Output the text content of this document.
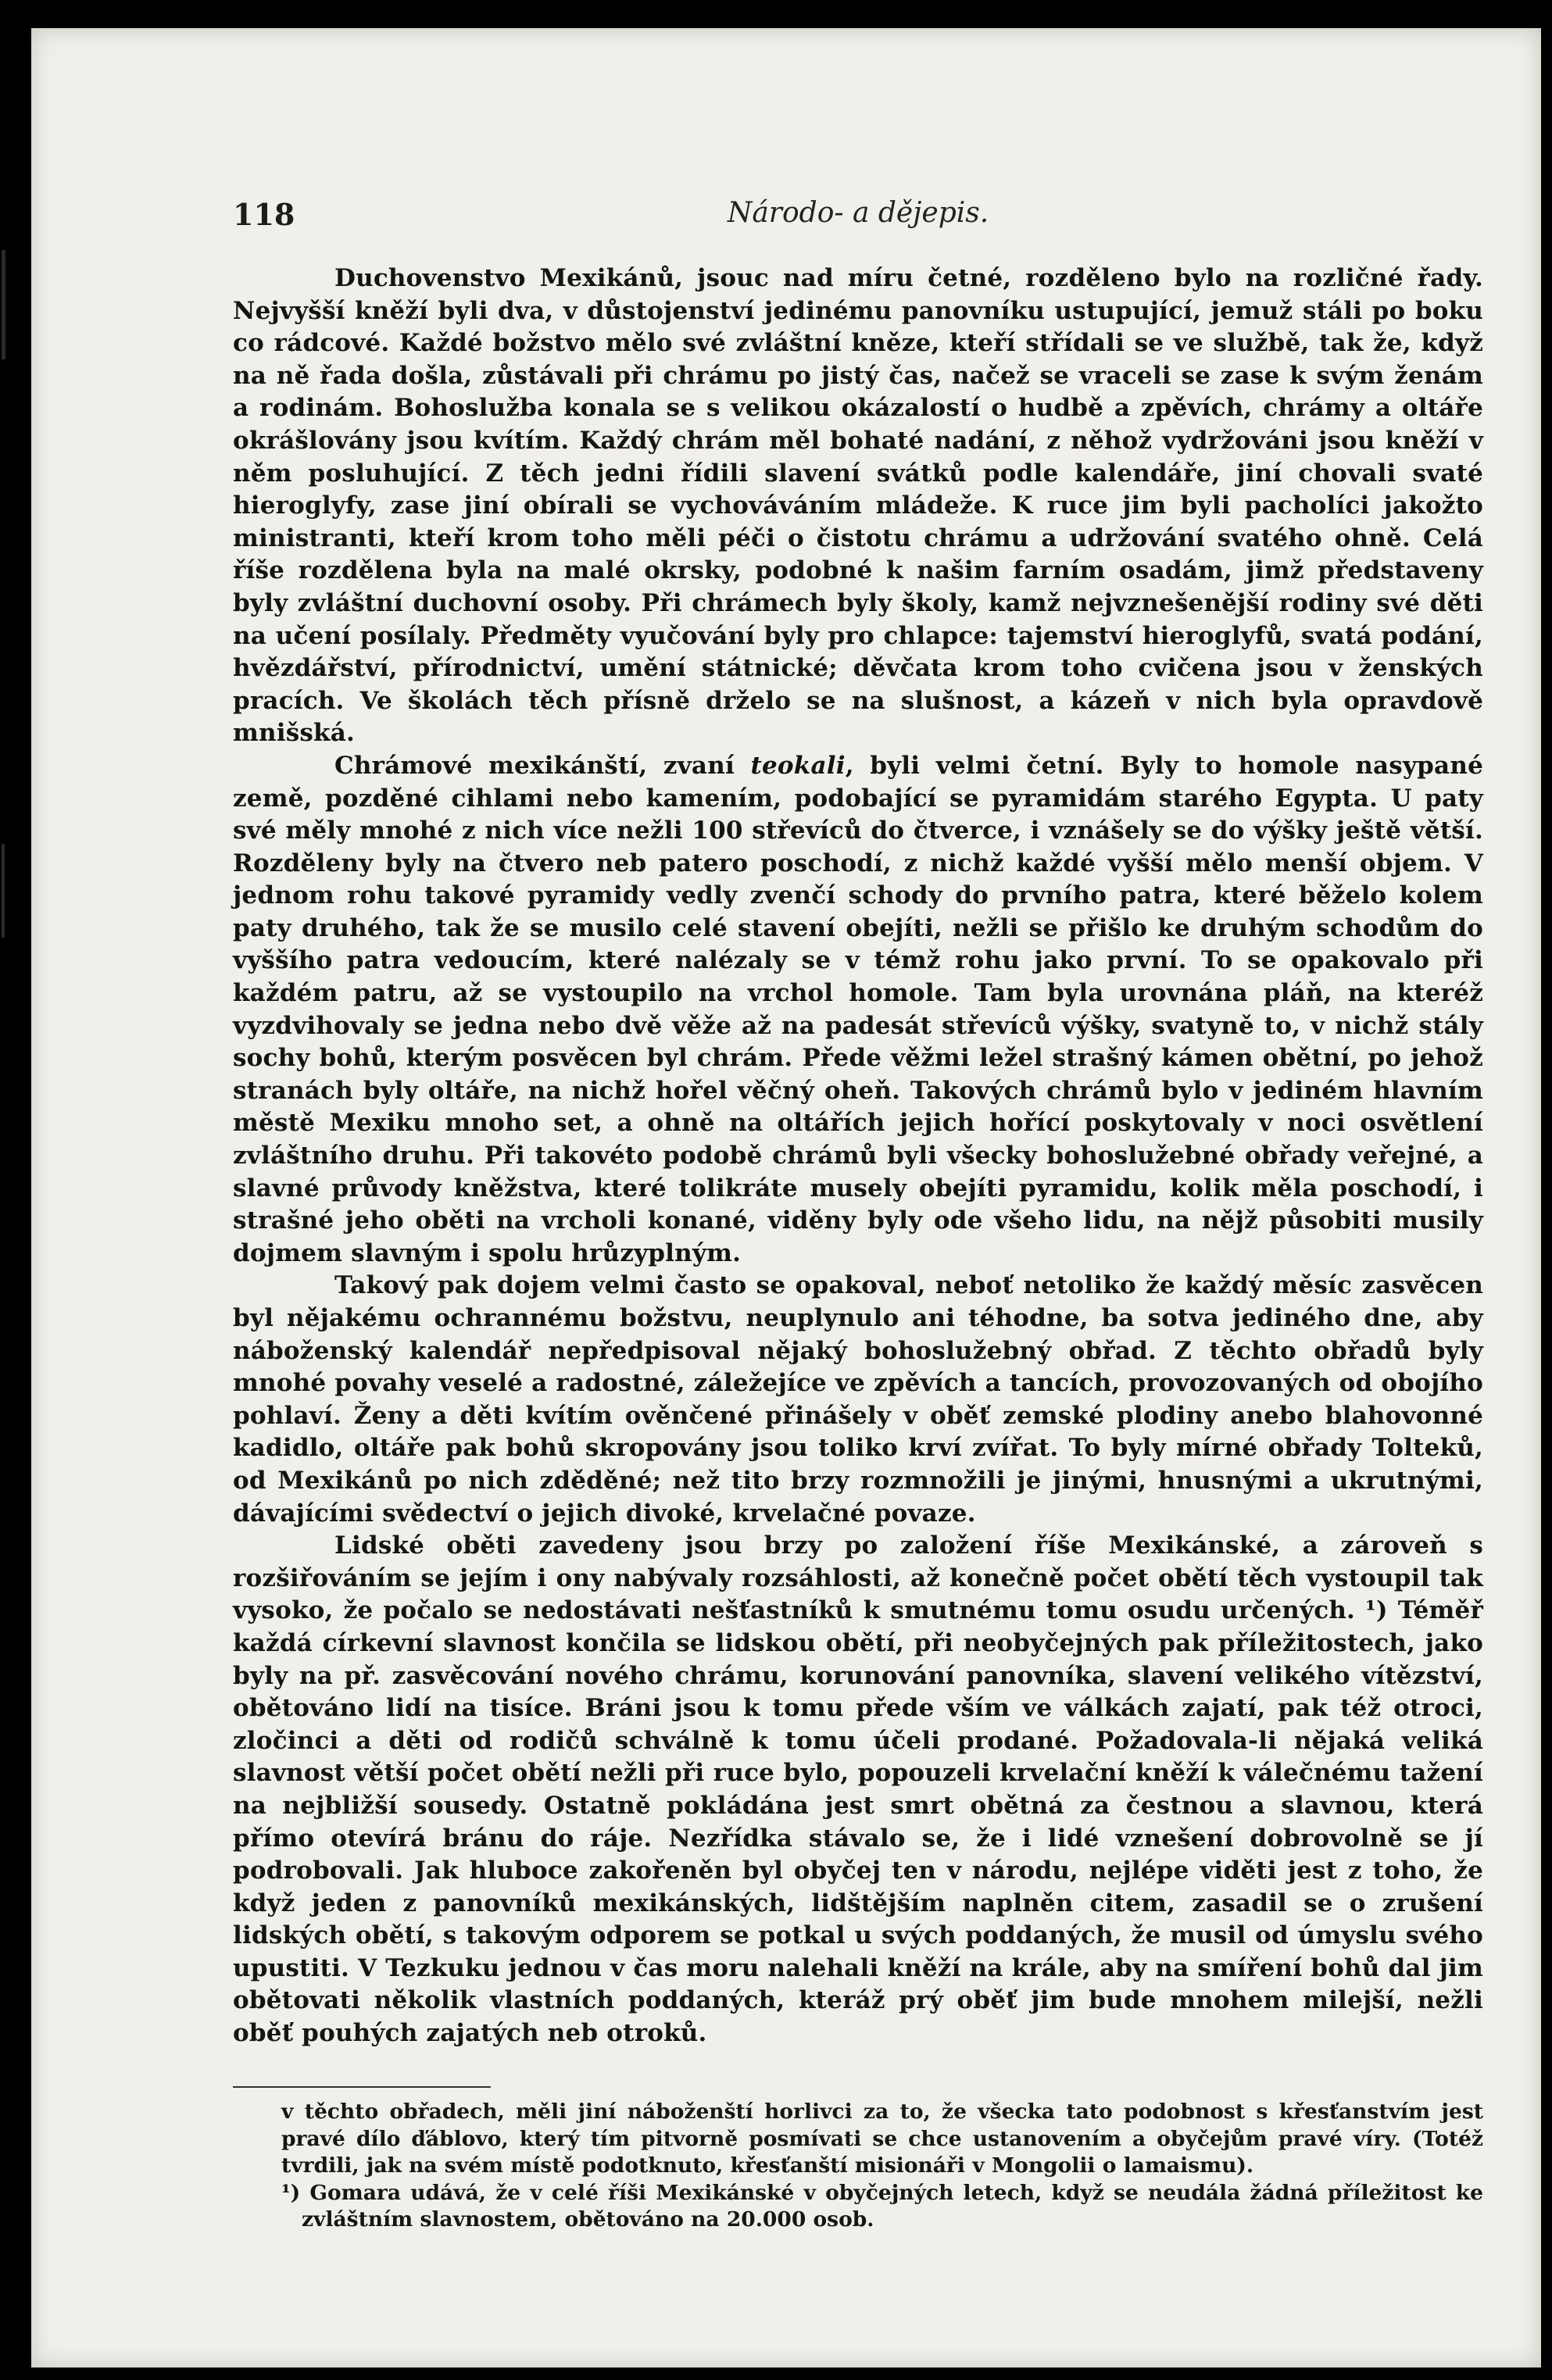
118	Národo- a dějepis.

Duchovenstvo Mexikánů, jsouc nad míru četné, rozděleno bylo na rozličné řady. Nejvyšší kněží byli dva, v důstojenství jedinému panovníku ustupující, jemuž stáli po boku co rádcové. Každé božstvo mělo své zvláštní kněze, kteří střídali se ve službě, tak že, když na ně řada došla, zůstávali při chrámu po jistý čas, načež se vraceli se zase k svým ženám a rodinám. Bohoslužba konala se s velikou okázalostí o hudbě a zpěvích, chrámy a oltáře okrášlovány jsou kvítím. Každý chrám měl bohaté nadání, z něhož vydržováni jsou kněží v něm posluhující. Z těch jedni řídili slavení svátků podle kalendáře, jiní chovali svaté hieroglyfy, zase jiní obírali se vychováváním mládeže. K ruce jim byli pacholíci jakožto ministranti, kteří krom toho měli péči o čistotu chrámu a udržování svatého ohně. Celá říše rozdělena byla na malé okrsky, podobné k našim farním osadám, jimž představeny byly zvláštní duchovní osoby. Při chrámech byly školy, kamž nejvznešenější rodiny své děti na učení posílaly. Předměty vyučování byly pro chlapce: tajemství hieroglyfů, svatá podání, hvězdářství, přírodnictví, umění státnické; děvčata krom toho cvičena jsou v ženských pracích. Ve školách těch přísně drželo se na slušnost, a kázeň v nich byla opravdově mnišská.

Chrámové mexikánští, zvaní teokali, byli velmi četní. Byly to homole nasypané země, pozděné cihlami nebo kamením, podobající se pyramidám starého Egypta. U paty své měly mnohé z nich více nežli 100 střevíců do čtverce, i vznášely se do výšky ještě větší. Rozděleny byly na čtvero neb patero poschodí, z nichž každé vyšší mělo menší objem. V jednom rohu takové pyramidy vedly zvenčí schody do prvního patra, které běželo kolem paty druhého, tak že se musilo celé stavení obejíti, nežli se přišlo ke druhým schodům do vyššího patra vedoucím, které nalézaly se v témž rohu jako první. To se opakovalo při každém patru, až se vystoupilo na vrchol homole. Tam byla urovnána pláň, na kteréž vyzdvihovaly se jedna nebo dvě věže až na padesát střevíců výšky, svatyně to, v nichž stály sochy bohů, kterým posvěcen byl chrám. Přede věžmi ležel strašný kámen obětní, po jehož stranách byly oltáře, na nichž hořel věčný oheň. Takových chrámů bylo v jediném hlavním městě Mexiku mnoho set, a ohně na oltářích jejich hořící poskytovaly v noci osvětlení zvláštního druhu. Při takovéto podobě chrámů byli všecky bohoslužebné obřady veřejné, a slavné průvody kněžstva, které tolikráte musely obejíti pyramidu, kolik měla poschodí, i strašné jeho oběti na vrcholi konané, viděny byly ode všeho lidu, na nějž působiti musily dojmem slavným i spolu hrůzyplným.

Takový pak dojem velmi často se opakoval, neboť netoliko že každý měsíc zasvěcen byl nějakému ochrannému božstvu, neuplynulo ani téhodne, ba sotva jediného dne, aby náboženský kalendář nepředpisoval nějaký bohoslužebný obřad. Z těchto obřadů byly mnohé povahy veselé a radostné, záležejíce ve zpěvích a tancích, provozovaných od obojího pohlaví. Ženy a děti kvítím ověnčené přinášely v oběť zemské plodiny anebo blahovonné kadidlo, oltáře pak bohů skropovány jsou toliko krví zvířat. To byly mírné obřady Tolteků, od Mexikánů po nich zděděné; než tito brzy rozmnožili je jinými, hnusnými a ukrutnými, dávajícími svědectví o jejich divoké, krvelačné povaze.

Lidské oběti zavedeny jsou brzy po založení říše Mexikánské, a zároveň s rozšiřováním se jejím i ony nabývaly rozsáhlosti, až konečně počet obětí těch vystoupil tak vysoko, že počalo se nedostávati nešťastníků k smutnému tomu osudu určených. ¹) Téměř každá církevní slavnost končila se lidskou obětí, při neobyčejných pak příležitostech, jako byly na př. zasvěcování nového chrámu, korunování panovníka, slavení velikého vítězství, obětováno lidí na tisíce. Bráni jsou k tomu přede vším ve válkách zajatí, pak též otroci, zločinci a děti od rodičů schválně k tomu účeli prodané. Požadovala-li nějaká veliká slavnost větší počet obětí nežli při ruce bylo, popouzeli krvelační kněží k válečnému tažení na nejbližší sousedy. Ostatně pokládána jest smrt obětná za čestnou a slavnou, která přímo otevírá bránu do ráje. Nezřídka stávalo se, že i lidé vznešení dobrovolně se jí podrobovali. Jak hluboce zakořeněn byl obyčej ten v národu, nejlépe viděti jest z toho, že když jeden z panovníků mexikánských, lidštějším naplněn citem, zasadil se o zrušení lidských obětí, s takovým odporem se potkal u svých poddaných, že musil od úmyslu svého upustiti. V Tezkuku jednou v čas moru nalehali kněží na krále, aby na smíření bohů dal jim obětovati několik vlastních poddaných, kteráž prý oběť jim bude mnohem milejší, nežli oběť pouhých zajatých neb otroků.

v těchto obřadech, měli jiní náboženští horlivci za to, že všecka tato podobnost s křesťanstvím jest pravé dílo ďáblovo, který tím pitvorně posmívati se chce ustanovením a obyčejům pravé víry. (Totéž tvrdili, jak na svém místě podotknuto, křesťanští misionáři v Mongolii o lamaismu).

¹) Gomara udává, že v celé říši Mexikánské v obyčejných letech, když se neudála žádná příležitost ke zvláštním slavnostem, obětováno na 20.000 osob.
